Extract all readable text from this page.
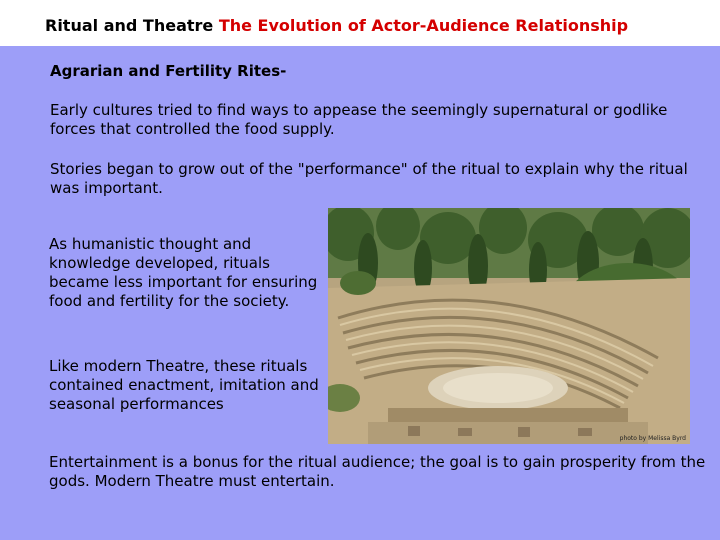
Ritual and Theatre The Evolution of Actor-Audience Relationship
Agrarian and Fertility Rites-
Early cultures tried to find ways to appease the seemingly supernatural or godlike forces that controlled the food supply.
Stories began to grow out of the "performance" of the ritual to explain why the ritual was important.
As humanistic thought and knowledge developed, rituals became less important for ensuring food and fertility for the society.
Like modern Theatre, these rituals contained enactment, imitation and seasonal performances
Entertainment is a bonus for the ritual audience; the goal is to gain prosperity from the gods. Modern Theatre must entertain.
photo by Melissa Byrd
